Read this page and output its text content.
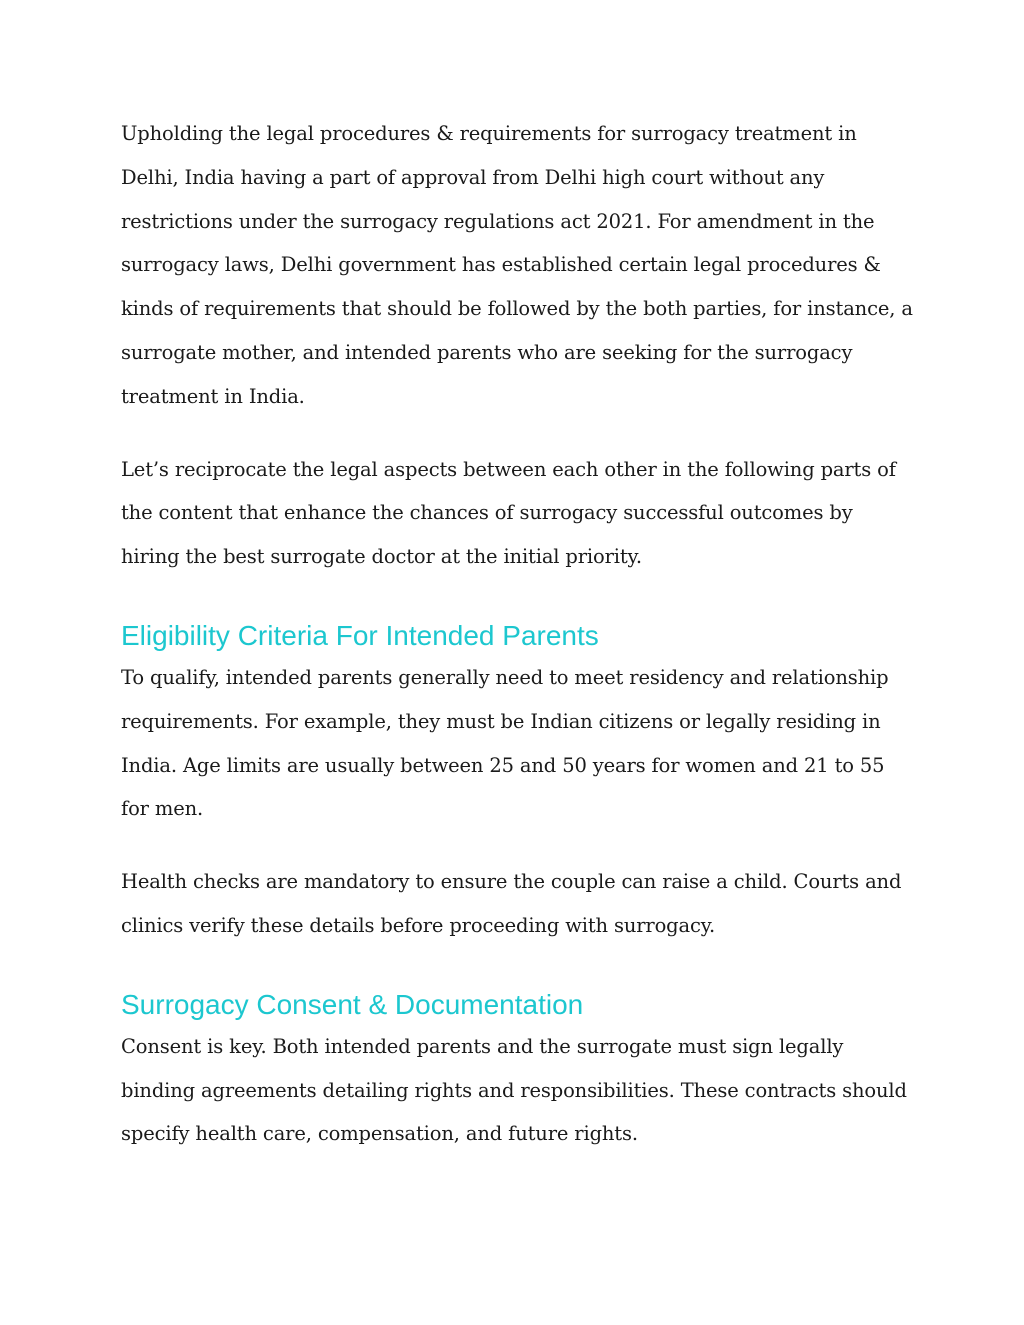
Upholding the legal procedures & requirements for surrogacy treatment in Delhi, India having a part of approval from Delhi high court without any restrictions under the surrogacy regulations act 2021. For amendment in the surrogacy laws, Delhi government has established certain legal procedures & kinds of requirements that should be followed by the both parties, for instance, a surrogate mother, and intended parents who are seeking for the surrogacy treatment in India.

Let’s reciprocate the legal aspects between each other in the following parts of the content that enhance the chances of surrogacy successful outcomes by hiring the best surrogate doctor at the initial priority.

Eligibility Criteria For Intended Parents

To qualify, intended parents generally need to meet residency and relationship requirements. For example, they must be Indian citizens or legally residing in India. Age limits are usually between 25 and 50 years for women and 21 to 55 for men.

Health checks are mandatory to ensure the couple can raise a child. Courts and clinics verify these details before proceeding with surrogacy.

Surrogacy Consent & Documentation

Consent is key. Both intended parents and the surrogate must sign legally binding agreements detailing rights and responsibilities. These contracts should specify health care, compensation, and future rights.
